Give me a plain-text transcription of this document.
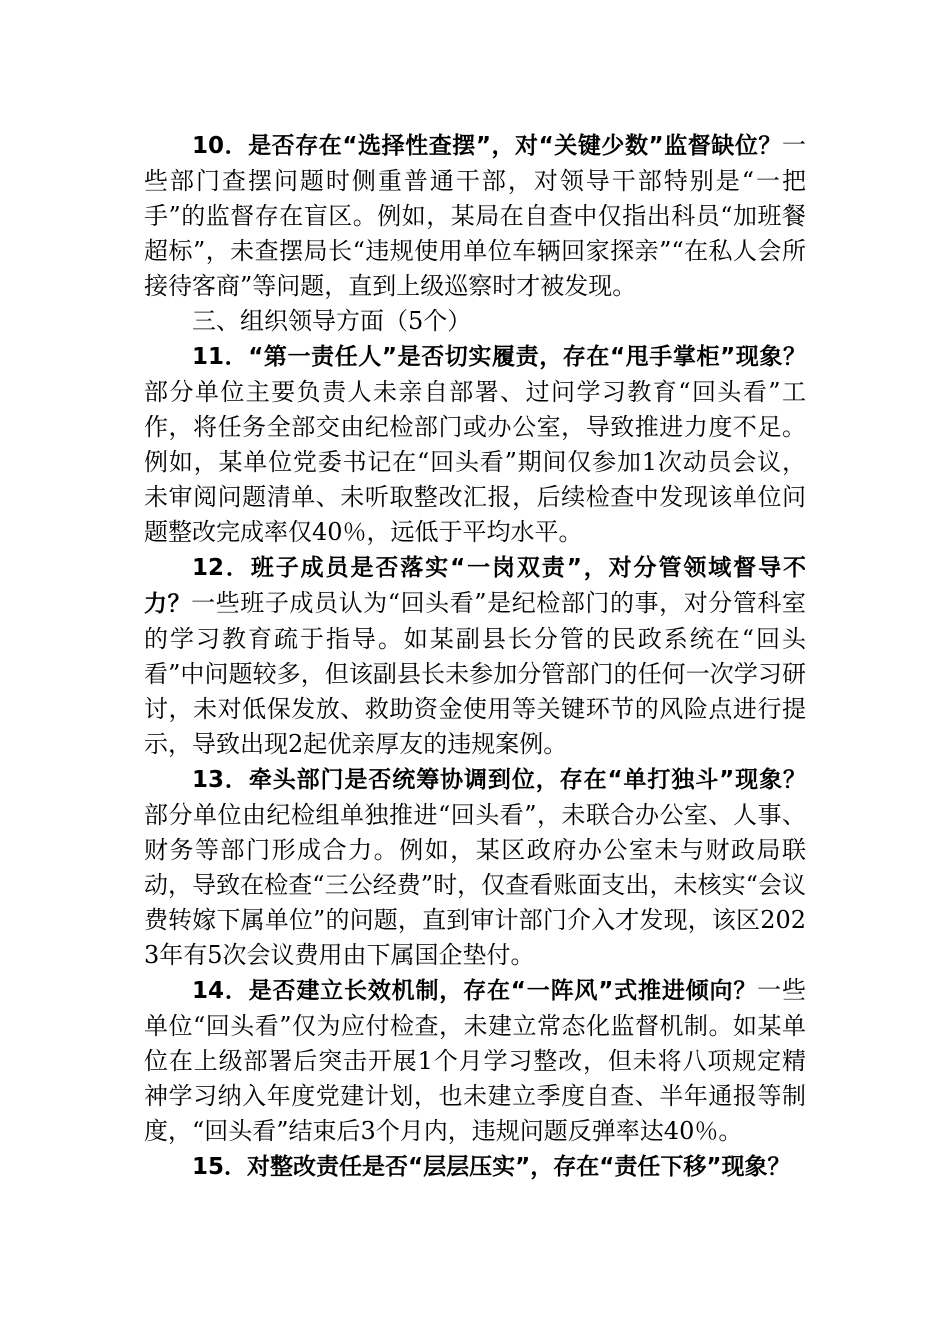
10．是否存在“选择性查摆”，对“关键少数”监督缺位？一些部门查摆问题时侧重普通干部，对领导干部特别是“一把手”的监督存在盲区。例如，某局在自查中仅指出科员“加班餐超标”，未查摆局长“违规使用单位车辆回家探亲”“在私人会所接待客商”等问题，直到上级巡察时才被发现。

三、组织领导方面（5个）

11．“第一责任人”是否切实履责，存在“甩手掌柜”现象？部分单位主要负责人未亲自部署、过问学习教育“回头看”工作，将任务全部交由纪检部门或办公室，导致推进力度不足。例如，某单位党委书记在“回头看”期间仅参加1次动员会议，未审阅问题清单、未听取整改汇报，后续检查中发现该单位问题整改完成率仅40％，远低于平均水平。

12．班子成员是否落实“一岗双责”，对分管领域督导不力？一些班子成员认为“回头看”是纪检部门的事，对分管科室的学习教育疏于指导。如某副县长分管的民政系统在“回头看”中问题较多，但该副县长未参加分管部门的任何一次学习研讨，未对低保发放、救助资金使用等关键环节的风险点进行提示，导致出现2起优亲厚友的违规案例。

13．牵头部门是否统筹协调到位，存在“单打独斗”现象？部分单位由纪检组单独推进“回头看”，未联合办公室、人事、财务等部门形成合力。例如，某区政府办公室未与财政局联动，导致在检查“三公经费”时，仅查看账面支出，未核实“会议费转嫁下属单位”的问题，直到审计部门介入才发现，该区2023年有5次会议费用由下属国企垫付。

14．是否建立长效机制，存在“一阵风”式推进倾向？一些单位“回头看”仅为应付检查，未建立常态化监督机制。如某单位在上级部署后突击开展1个月学习整改，但未将八项规定精神学习纳入年度党建计划，也未建立季度自查、半年通报等制度，“回头看”结束后3个月内，违规问题反弹率达40％。

15．对整改责任是否“层层压实”，存在“责任下移”现象？
